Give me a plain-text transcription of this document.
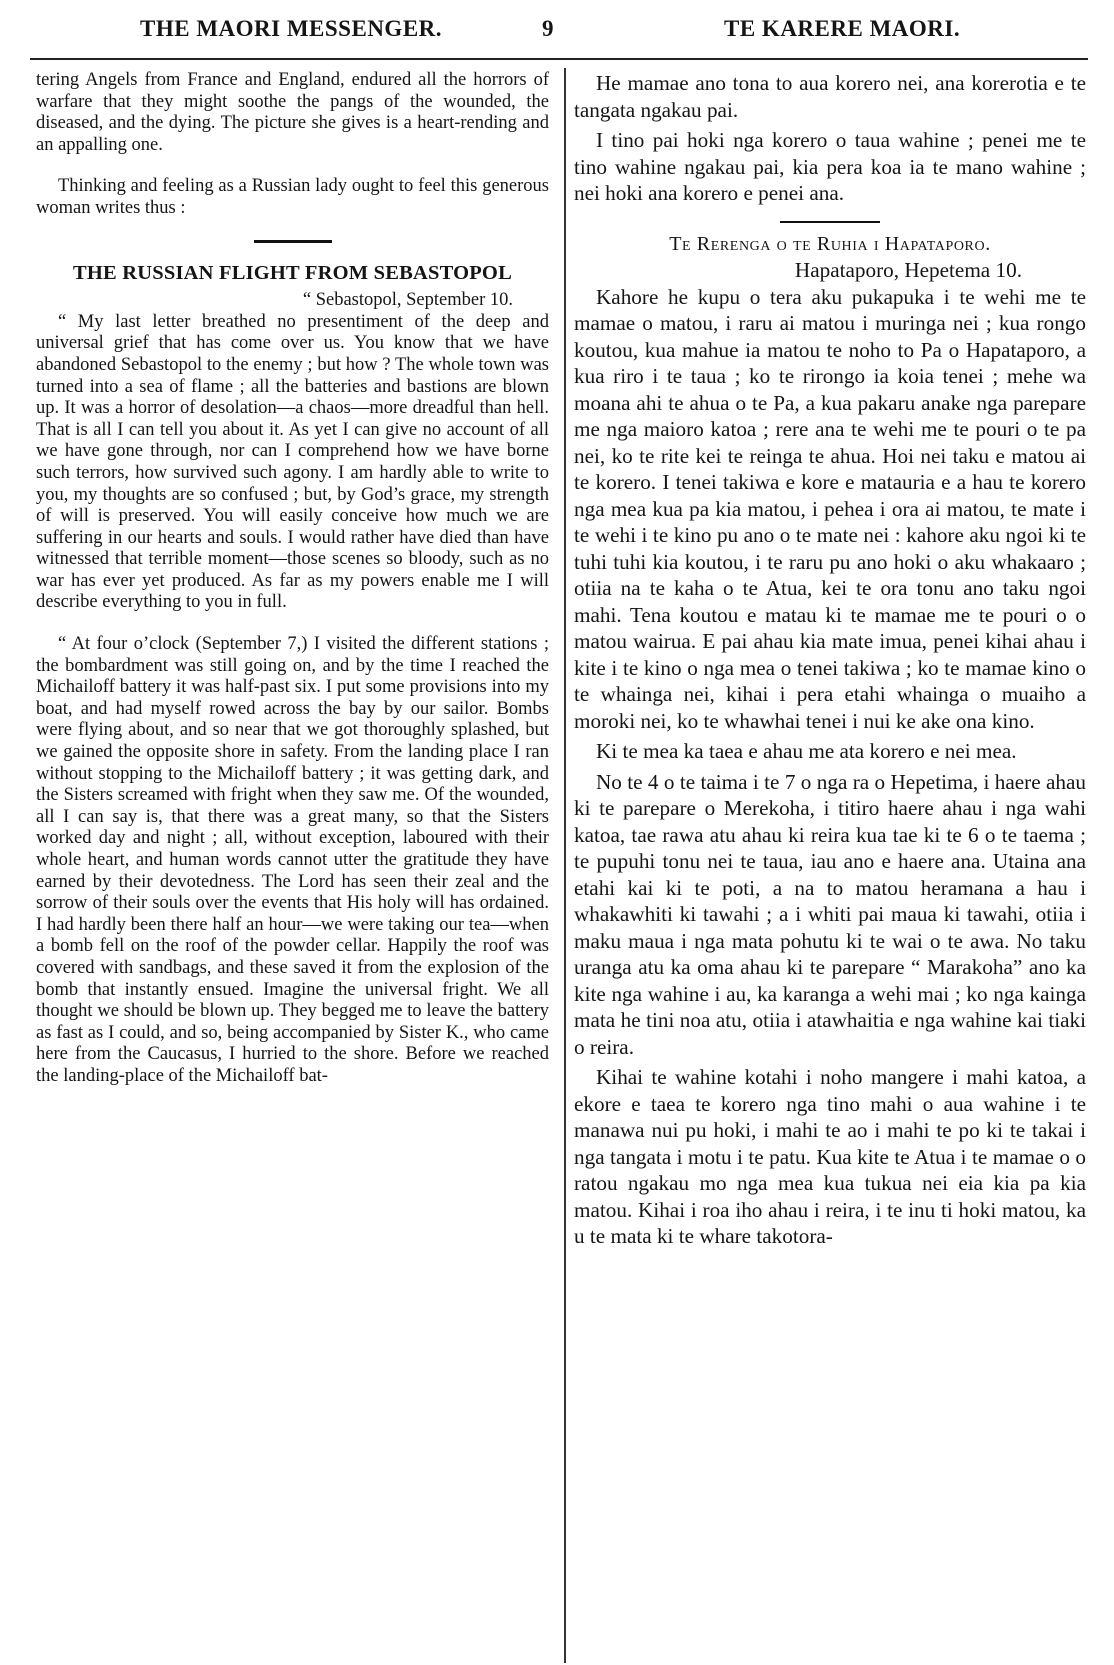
THE MAORI MESSENGER.	9	TE KARERE MAORI.

tering Angels from France and England, endured all the horrors of warfare that they might soothe the pangs of the wounded, the diseased, and the dying. The picture she gives is a heart-rending and an appalling one.

Thinking and feeling as a Russian lady ought to feel this generous woman writes thus :

THE RUSSIAN FLIGHT FROM SEBASTOPOL

“ Sebastopol, September 10.

“ My last letter breathed no presentiment of the deep and universal grief that has come over us. You know that we have abandoned Sebastopol to the enemy ; but how ? The whole town was turned into a sea of flame ; all the batteries and bastions are blown up. It was a horror of desolation—a chaos—more dreadful than hell. That is all I can tell you about it. As yet I can give no account of all we have gone through, nor can I comprehend how we have borne such terrors, how survived such agony. I am hardly able to write to you, my thoughts are so confused ; but, by God’s grace, my strength of will is preserved. You will easily conceive how much we are suffering in our hearts and souls. I would rather have died than have witnessed that terrible moment—those scenes so bloody, such as no war has ever yet produced. As far as my powers enable me I will describe everything to you in full.

“ At four o’clock (September 7,) I visited the different stations ; the bombardment was still going on, and by the time I reached the Michailoff battery it was half-past six. I put some provisions into my boat, and had myself rowed across the bay by our sailor. Bombs were flying about, and so near that we got thoroughly splashed, but we gained the opposite shore in safety. From the landing place I ran without stopping to the Michailoff battery ; it was getting dark, and the Sisters screamed with fright when they saw me. Of the wounded, all I can say is, that there was a great many, so that the Sisters worked day and night ; all, without exception, laboured with their whole heart, and human words cannot utter the gratitude they have earned by their devotedness. The Lord has seen their zeal and the sorrow of their souls over the events that His holy will has ordained. I had hardly been there half an hour—we were taking our tea—when a bomb fell on the roof of the powder cellar. Happily the roof was covered with sandbags, and these saved it from the explosion of the bomb that instantly ensued. Imagine the universal fright. We all thought we should be blown up. They begged me to leave the battery as fast as I could, and so, being accompanied by Sister K., who came here from the Caucasus, I hurried to the shore. Before we reached the landing-place of the Michailoff bat-

He mamae ano tona to aua korero nei, ana korerotia e te tangata ngakau pai.

I tino pai hoki nga korero o taua wahine ; penei me te tino wahine ngakau pai, kia pera koa ia te mano wahine ; nei hoki ana korero e penei ana.

Te Rerenga o te Ruhia i Hapataporo.

Hapataporo, Hepetema 10.

Kahore he kupu o tera aku pukapuka i te wehi me te mamae o matou, i raru ai matou i muringa nei ; kua rongo koutou, kua mahue ia matou te noho to Pa o Hapataporo, a kua riro i te taua ; ko te rirongo ia koia tenei ; mehe wa moana ahi te ahua o te Pa, a kua pakaru anake nga parepare me nga maioro katoa ; rere ana te wehi me te pouri o te pa nei, ko te rite kei te reinga te ahua. Hoi nei taku e matou ai te korero. I tenei takiwa e kore e matauria e a hau te korero nga mea kua pa kia matou, i pehea i ora ai matou, te mate i te wehi i te kino pu ano o te mate nei : kahore aku ngoi ki te tuhi tuhi kia koutou, i te raru pu ano hoki o aku whakaaro ; otiia na te kaha o te Atua, kei te ora tonu ano taku ngoi mahi. Tena koutou e matau ki te mamae me te pouri o o matou wairua. E pai ahau kia mate imua, penei kihai ahau i kite i te kino o nga mea o tenei takiwa ; ko te mamae kino o te whainga nei, kihai i pera etahi whainga o muaiho a moroki nei, ko te whawhai tenei i nui ke ake ona kino.

Ki te mea ka taea e ahau me ata korero e nei mea.

No te 4 o te taima i te 7 o nga ra o Hepetima, i haere ahau ki te parepare o Merekoha, i titiro haere ahau i nga wahi katoa, tae rawa atu ahau ki reira kua tae ki te 6 o te taema ; te pupuhi tonu nei te taua, iau ano e haere ana. Utaina ana etahi kai ki te poti, a na to matou heramana a hau i whakawhiti ki tawahi ; a i whiti pai maua ki tawahi, otiia i maku maua i nga mata pohutu ki te wai o te awa. No taku uranga atu ka oma ahau ki te parepare “ Marakoha” ano ka kite nga wahine i au, ka karanga a wehi mai ; ko nga kainga mata he tini noa atu, otiia i atawhaitia e nga wahine kai tiaki o reira.

Kihai te wahine kotahi i noho mangere i mahi katoa, a ekore e taea te korero nga tino mahi o aua wahine i te manawa nui pu hoki, i mahi te ao i mahi te po ki te takai i nga tangata i motu i te patu. Kua kite te Atua i te mamae o o ratou ngakau mo nga mea kua tukua nei eia kia pa kia matou. Kihai i roa iho ahau i reira, i te inu ti hoki matou, ka u te mata ki te whare takotora-
